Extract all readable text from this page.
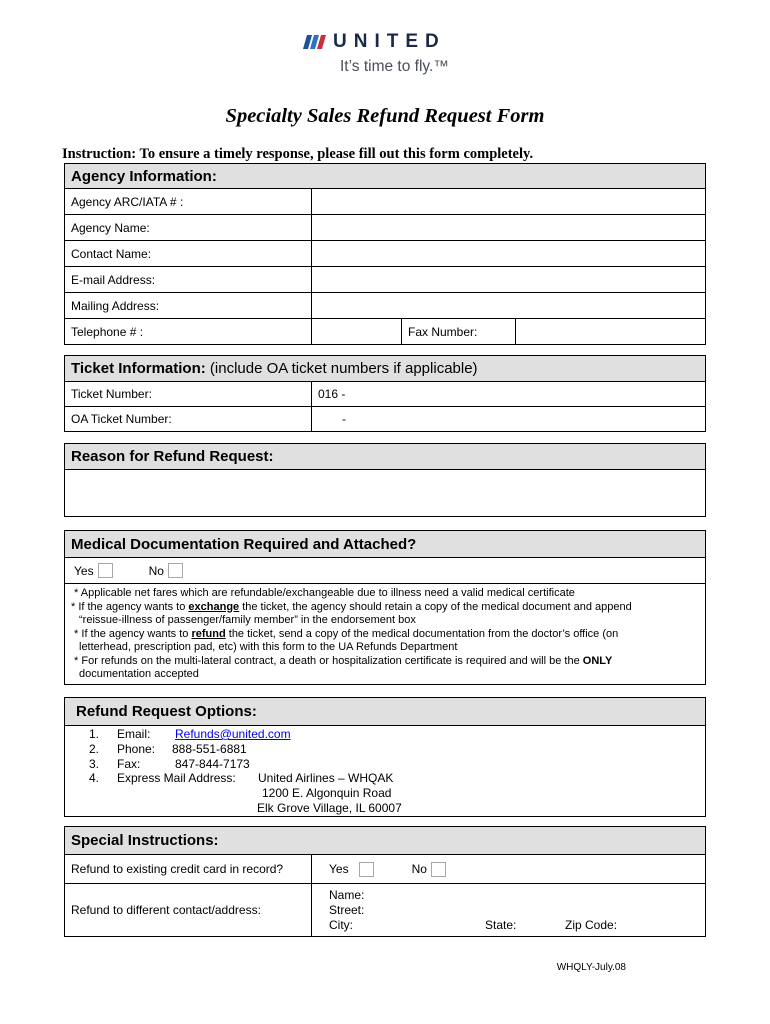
UNITED
It’s time to fly.™
Specialty Sales Refund Request Form
Instruction: To ensure a timely response, please fill out this form completely.
Agency Information:
Agency ARC/IATA # :
Agency Name:
Contact Name:
E-mail Address:
Mailing Address:
Telephone # :	Fax Number:
Ticket Information: (include OA ticket numbers if applicable)
Ticket Number:	016 -
OA Ticket Number:	-
Reason for Refund Request:
Medical Documentation Required and Attached?
Yes	No

* Applicable net fares which are refundable/exchangeable due to illness need a valid medical certificate

* If the agency wants to exchange the ticket, the agency should retain a copy of the medical document and append

“reissue-illness of passenger/family member” in the endorsement box

* If the agency wants to refund the ticket, send a copy of the medical documentation from the doctor’s office (on

letterhead, prescription pad, etc) with this form to the UA Refunds Department

* For refunds on the multi-lateral contract, a death or hospitalization certificate is required and will be the ONLY

documentation accepted

Refund Request Options:
1.	Email:	Refunds@united.com
2.	Phone:	888-551-6881
3.	Fax:	847-844-7173
4.	Express Mail Address:	United Airlines – WHQAK
1200 E. Algonquin Road
Elk Grove Village, IL 60007
Special Instructions:
Refund to existing credit card in record?	Yes	No
Refund to different contact/address:
Name:
Street:
City:	State:	Zip Code:
WHQLY-July.08
